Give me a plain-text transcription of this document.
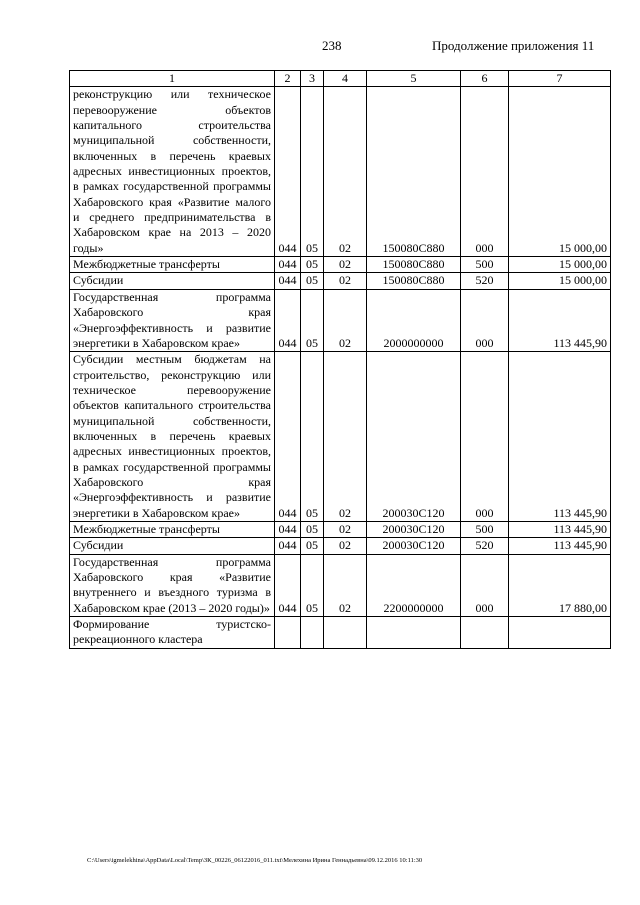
238	Продолжение приложения 11
1	2	3	4	5	6	7
реконструкцию или техническое перевооружение объектов капитального строительства муниципальной собственности, включенных в перечень краевых адресных инвестиционных проектов, в рамках государственной программы Хабаровского края «Развитие малого и среднего предпринимательства в Хабаровском крае на 2013 – 2020 годы»	044	05	02	150080С880	000	15 000,00
Межбюджетные трансферты	044	05	02	150080С880	500	15 000,00
Субсидии	044	05	02	150080С880	520	15 000,00
Государственная программа Хабаровского края «Энергоэффективность и развитие энергетики в Хабаровском крае»	044	05	02	2000000000	000	113 445,90
Субсидии местным бюджетам на строительство, реконструкцию или техническое перевооружение объектов капитального строительства муниципальной собственности, включенных в перечень краевых адресных инвестиционных проектов, в рамках государственной программы Хабаровского края «Энергоэффективность и развитие энергетики в Хабаровском крае»	044	05	02	200030С120	000	113 445,90
Межбюджетные трансферты	044	05	02	200030С120	500	113 445,90
Субсидии	044	05	02	200030С120	520	113 445,90
Государственная программа Хабаровского края «Развитие внутреннего и въездного туризма в Хабаровском крае (2013 – 2020 годы)»	044	05	02	2200000000	000	17 880,00
Формирование туристско-рекреационного кластера						
C:\Users\igmelekhina\AppData\Local\Temp\ЗК_00226_06122016_011.txt\Мелехина Ирина Геннадьевна\09.12.2016 10:11:30
